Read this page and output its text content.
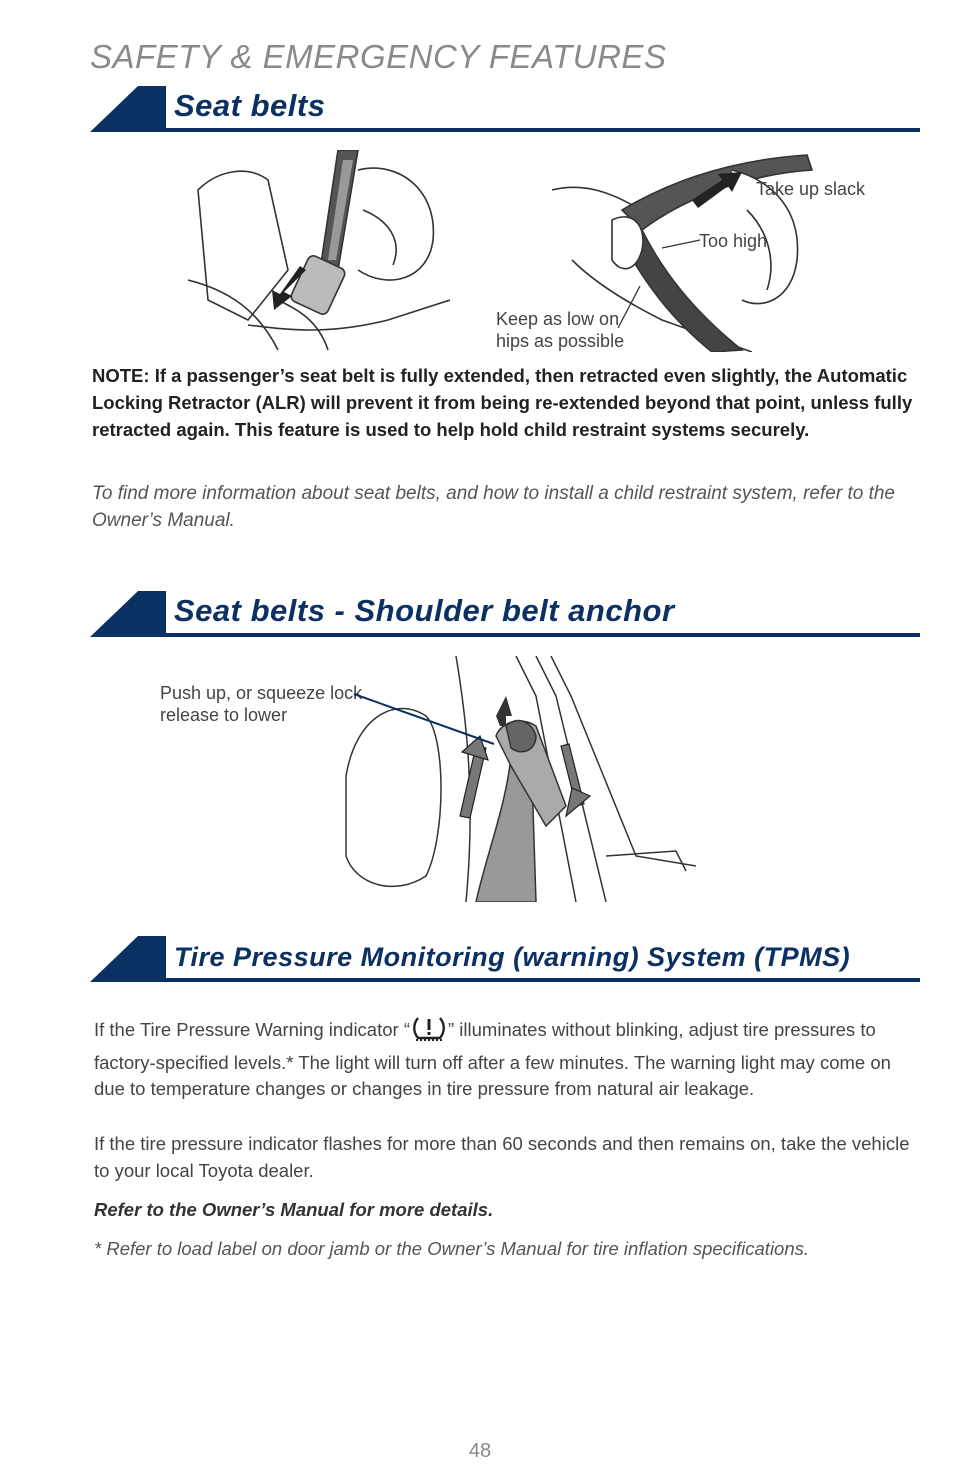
SAFETY & EMERGENCY FEATURES
Seat belts
Take up slack
Too high
Keep as low on
hips as possible
NOTE: If a passenger’s seat belt is fully extended, then retracted even slightly, the Automatic Locking Retractor (ALR) will prevent it from being re-extended beyond that point, unless fully retracted again. This feature is used to help hold child restraint systems securely.
To find more information about seat belts, and how to install a child restraint system, refer to the Owner’s Manual.
Seat belts - Shoulder belt anchor
Push up, or squeeze lock
release to lower
Tire Pressure Monitoring (warning) System (TPMS)
If the Tire Pressure Warning indicator “ ” illuminates without blinking, adjust tire pressures to factory-specified levels.* The light will turn off after a few minutes. The warning light may come on due to temperature changes or changes in tire pressure from natural air leakage.
If the tire pressure indicator flashes for more than 60 seconds and then remains on, take the vehicle to your local Toyota dealer.
Refer to the Owner’s Manual for more details.
* Refer to load label on door jamb or the Owner’s Manual for tire inflation specifications.
48
